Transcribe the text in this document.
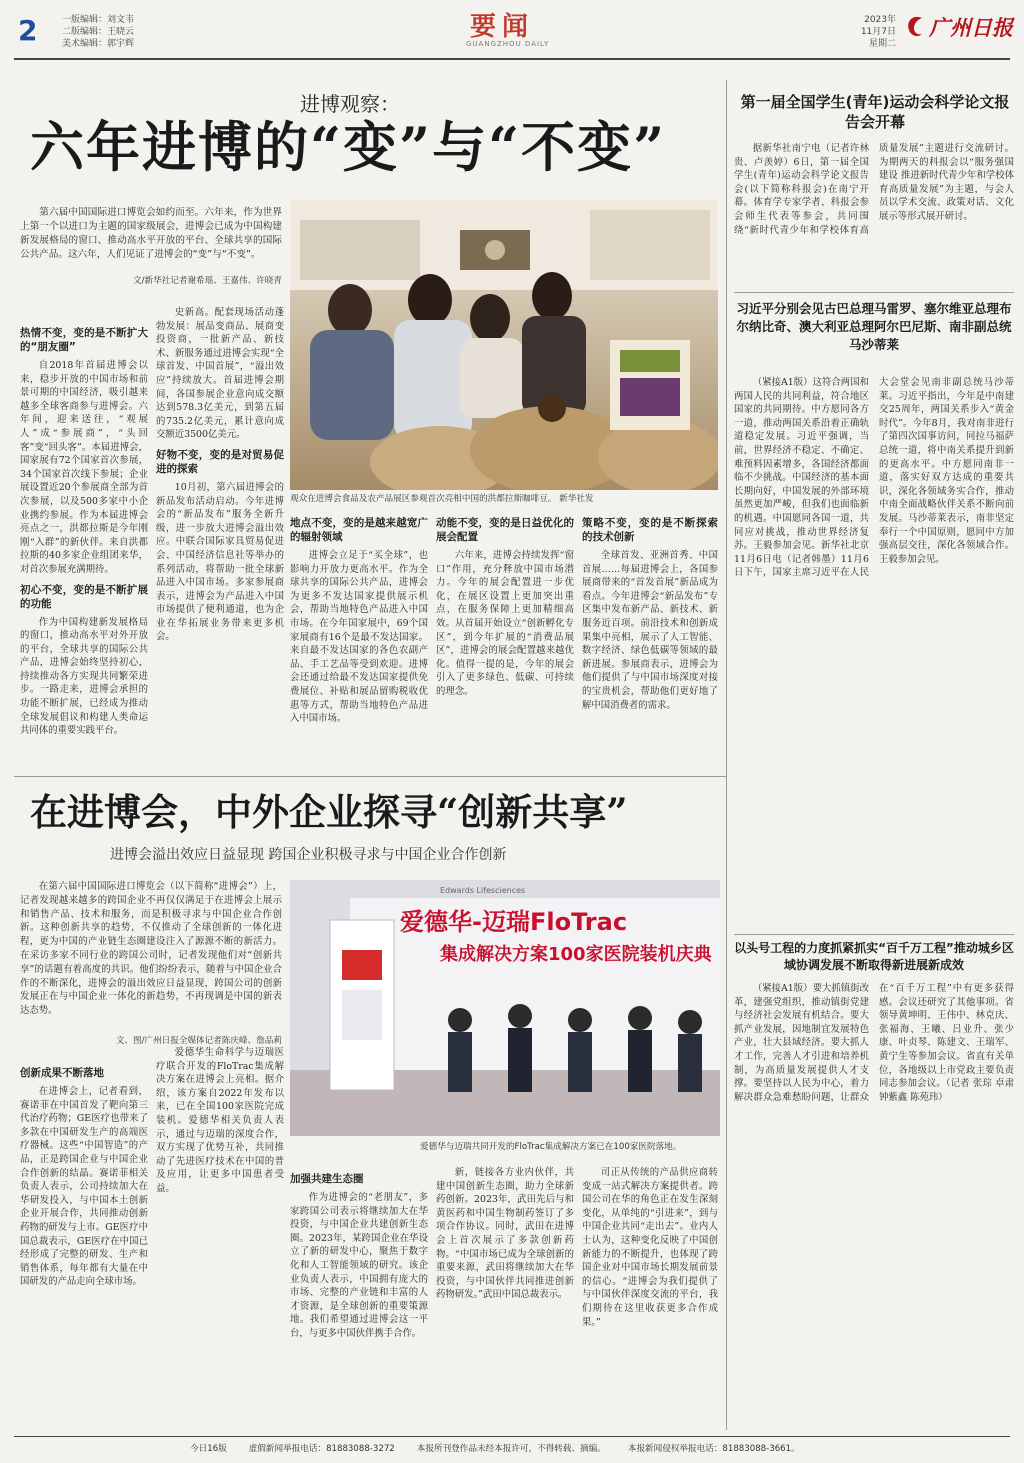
2	一版编辑：刘文韦
二版编辑：王晓云
美术编辑：郭宇辉
要闻
GUANGZHOU DAILY
2023年
11月7日
星期二
广州日报
进博观察：
六年进博的“变”与“不变”
第六届中国国际进口博览会如约而至。六年来，作为世界上第一个以进口为主题的国家级展会，进博会已成为中国构建新发展格局的窗口、推动高水平开放的平台、全球共享的国际公共产品。这六年，人们见证了进博会的“变”与“不变”。
文/新华社记者谢希瑶、王嘉伟、许晓青
观众在进博会食品及农产品展区参观首次亮相中国的洪都拉斯咖啡豆。 新华社发
热情不变，变的是不断扩大的“朋友圈”

自2018年首届进博会以来，稳步开放的中国市场和前景可期的中国经济，吸引越来越多全球客商参与进博会。六年间，迎来送往，“观展人”成“参展商”，“头回客”变“回头客”。本届进博会，国家展有72个国家首次参展，34个国家首次线下参展；企业展设置近20个参展商全部为首次参展，以及500多家中小企业携约参展。作为本届进博会亮点之一，洪都拉斯是今年刚刚“入群”的新伙伴。来自洪都拉斯的40多家企业组团来华，对首次参展充满期待。

初心不变，变的是不断扩展的功能

作为中国构建新发展格局的窗口，推动高水平对外开放的平台，全球共享的国际公共产品，进博会始终坚持初心，持续推动各方实现共同繁荣进步。一路走来，进博会承担的功能不断扩展，已经成为推动全球发展倡议和构建人类命运共同体的重要实践平台。

史新高。配套现场活动蓬勃发展：展品变商品、展商变投资商，一批新产品、新技术、新服务通过进博会实现“全球首发、中国首展”，“溢出效应”持续放大。首届进博会期间，各国参展企业意向成交额达到578.3亿美元，到第五届的735.2亿美元，累计意向成交额近3500亿美元。

好物不变，变的是对贸易促进的探索

10月初，第六届进博会的新品发布活动启动。今年进博会的“新品发布”服务全新升级，进一步放大进博会溢出效应。中联合国际家具贸易促进会、中国经济信息社等举办的系列活动，将帮助一批全球新品进入中国市场。多家参展商表示，进博会为产品进入中国市场提供了便利通道，也为企业在华拓展业务带来更多机会。

地点不变，变的是越来越宽广的辐射领域

进博会立足于“买全球”，也影响力开放力更高水平。作为全球共享的国际公共产品，进博会为更多不发达国家提供展示机会，帮助当地特色产品进入中国市场。在今年国家展中，69个国家展商有16个是最不发达国家。来自最不发达国家的各色农副产品、手工艺品等受到欢迎。进博会还通过给最不发达国家提供免费展位、补贴和展品留购税收优惠等方式，帮助当地特色产品进入中国市场。

动能不变，变的是日益优化的展会配置

六年来，进博会持续发挥“窗口”作用，充分释放中国市场潜力。今年的展会配置进一步优化，在展区设置上更加突出重点，在服务保障上更加精细高效。从首届开始设立“创新孵化专区”，到今年扩展的“消费品展区”，进博会的展会配置越来越优化。值得一提的是，今年的展会引入了更多绿色、低碳、可持续的理念。

策略不变，变的是不断探索的技术创新

全球首发、亚洲首秀、中国首展……每届进博会上，各国参展商带来的“首发首展”新品成为看点。今年进博会“新品发布”专区集中发布新产品、新技术、新服务近百项。前沿技术和创新成果集中亮相，展示了人工智能、数字经济、绿色低碳等领域的最新进展。参展商表示，进博会为他们提供了与中国市场深度对接的宝贵机会，帮助他们更好地了解中国消费者的需求。

第一届全国学生(青年)运动会科学论文报告会开幕
据新华社南宁电（记者许林贵、卢羡婷）6日，第一届全国学生(青年)运动会科学论文报告会(以下简称科报会)在南宁开幕。体育学专家学者、科报会参会师生代表等参会，共同围绕“新时代青少年和学校体育高质量发展”主题进行交流研讨。为期两天的科报会以“服务强国建设 推进新时代青少年和学校体育高质量发展”为主题，与会人员以学术交流、政策对话、文化展示等形式展开研讨。
习近平分别会见古巴总理马雷罗、塞尔维亚总理布尔纳比奇、澳大利亚总理阿尔巴尼斯、南非副总统马沙蒂莱
（紧接A1版）这符合两国和两国人民的共同利益，符合地区国家的共同期待。中方愿同各方一道，推动两国关系沿着正确轨道稳定发展。习近平强调，当前，世界经济不稳定、不确定、难预料因素增多，各国经济都面临不少挑战。中国经济的基本面长期向好，中国发展的外部环境虽然更加严峻，但我们也面临新的机遇。中国愿同各国一道，共同应对挑战，推动世界经济复苏。王毅参加会见。新华社北京11月6日电（记者韩墨）11月6日下午，国家主席习近平在人民大会堂会见南非副总统马沙蒂莱。习近平指出，今年是中南建交25周年，两国关系步入“黄金时代”。今年8月，我对南非进行了第四次国事访问，同拉马福萨总统一道，将中南关系提升到新的更高水平。中方愿同南非一道，落实好双方达成的重要共识，深化各领域务实合作，推动中南全面战略伙伴关系不断向前发展。马沙蒂莱表示，南非坚定奉行一个中国原则，愿同中方加强高层交往，深化各领域合作。王毅参加会见。
以头号工程的力度抓紧抓实“百千万工程”推动城乡区域协调发展不断取得新进展新成效
（紧接A1版）要大抓镇街改革，建强党组织，推动镇街党建与经济社会发展有机结合。要大抓产业发展，因地制宜发展特色产业，壮大县域经济。要大抓人才工作，完善人才引进和培养机制，为高质量发展提供人才支撑。要坚持以人民为中心，着力解决群众急难愁盼问题，让群众在“百千万工程”中有更多获得感。会议还研究了其他事项。省领导黄坤明、王伟中、林克庆、张福海、王曦、吕业升、张少康、叶贞琴、陈建文、王瑞军、黄宁生等参加会议。省直有关单位，各地级以上市党政主要负责同志参加会议。（记者 张琮 卓肃 钟紫鑫 陈苑玮）
在进博会，中外企业探寻“创新共享”
进博会溢出效应日益显现 跨国企业积极寻求与中国企业合作创新
在第六届中国国际进口博览会（以下简称“进博会”）上，记者发现越来越多的跨国企业不再仅仅满足于在进博会上展示和销售产品、技术和服务，而是积极寻求与中国企业合作创新。这种创新共享的趋势，不仅推动了全球创新的一体化进程，更为中国的产业链生态圈建设注入了源源不断的新活力。在采访多家不同行业的跨国公司时，记者发现他们对“创新共享”的话题有着高度的共识。他们纷纷表示，随着与中国企业合作的不断深化，进博会的溢出效应日益显现，跨国公司的创新发展正在与中国企业一体化的新趋势，不再现调是中国的新表达态势。
文、图/广州日报全媒体记者陈庆峰、詹品莉
Edwards Lifesciences
爱德华-迈瑞FloTrac
集成解决方案100家医院装机庆典
爱德华与迈瑞共同开发的FloTrac集成解决方案已在100家医院落地。
创新成果不断落地

在进博会上，记者看到，赛诺菲在中国首发了靶向第三代治疗药物；GE医疗也带来了多款在中国研发生产的高端医疗器械。这些“中国智造”的产品，正是跨国企业与中国企业合作创新的结晶。赛诺菲相关负责人表示，公司持续加大在华研发投入，与中国本土创新企业开展合作，共同推动创新药物的研发与上市。GE医疗中国总裁表示，GE医疗在中国已经形成了完整的研发、生产和销售体系，每年都有大量在中国研发的产品走向全球市场。

爱德华生命科学与迈瑞医疗联合开发的FloTrac集成解决方案在进博会上亮相。据介绍，该方案自2022年发布以来，已在全国100家医院完成装机。爱德华相关负责人表示，通过与迈瑞的深度合作，双方实现了优势互补，共同推动了先进医疗技术在中国的普及应用，让更多中国患者受益。

加强共建生态圈

作为进博会的“老朋友”，多家跨国公司表示将继续加大在华投资，与中国企业共建创新生态圈。2023年，某跨国企业在华设立了新的研发中心，聚焦于数字化和人工智能领域的研究。该企业负责人表示，中国拥有庞大的市场、完整的产业链和丰富的人才资源，是全球创新的重要策源地。我们希望通过进博会这一平台，与更多中国伙伴携手合作。

新，链接各方业内伙伴，共建中国创新生态圈，助力全球新药创新。2023年，武田先后与和黄医药和中国生物制药签订了多项合作协议。同时，武田在进博会上首次展示了多款创新药物。“中国市场已成为全球创新的重要来源，武田将继续加大在华投资，与中国伙伴共同推进创新药物研发。”武田中国总裁表示。

司正从传统的产品供应商转变成一站式解决方案提供者。跨国公司在华的角色正在发生深刻变化，从单纯的“引进来”，到与中国企业共同“走出去”。业内人士认为，这种变化反映了中国创新能力的不断提升，也体现了跨国企业对中国市场长期发展前景的信心。“进博会为我们提供了与中国伙伴深度交流的平台，我们期待在这里收获更多合作成果。”

今日16版	虚假新闻举报电话：81883088-3272	本报所刊登作品未经本报许可，不得转载、摘编。	本报新闻侵权举报电话：81883088-3661。
